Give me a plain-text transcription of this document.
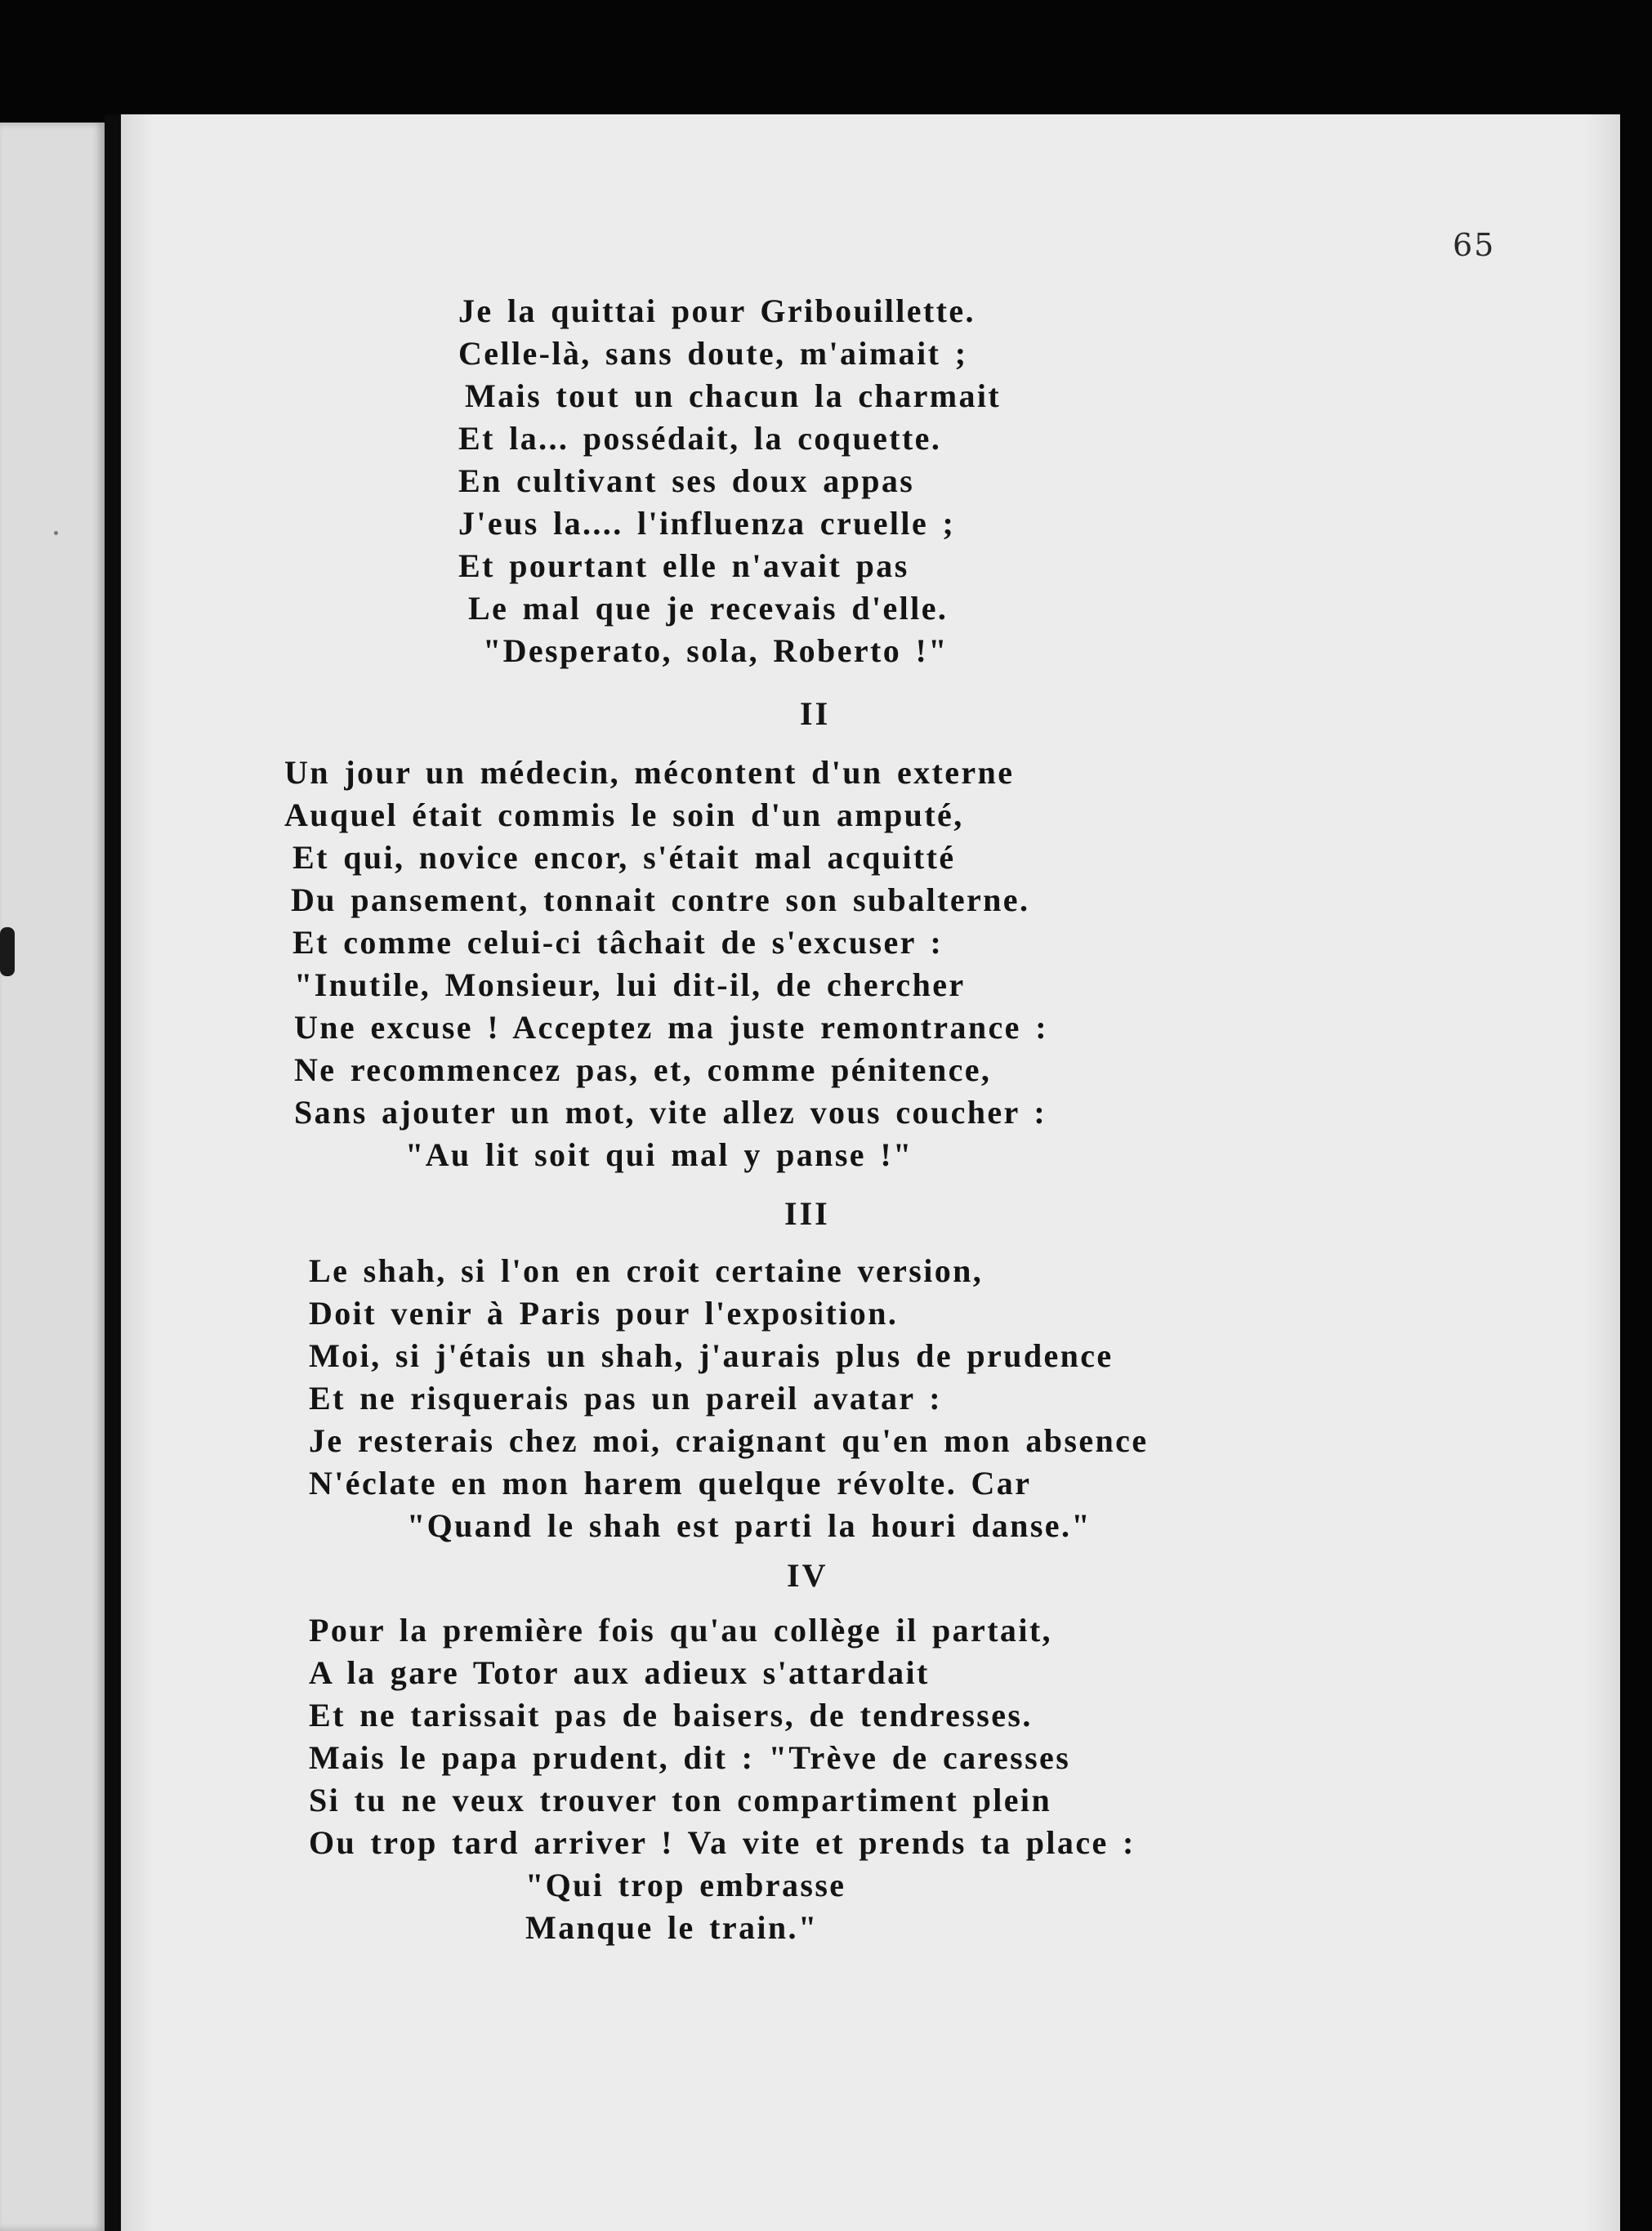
65
Je la quittai pour Gribouillette.
Celle-là, sans doute, m'aimait ;
Mais tout un chacun la charmait
Et la... possédait, la coquette.
En cultivant ses doux appas
J'eus la.... l'influenza cruelle ;
Et pourtant elle n'avait pas
Le mal que je recevais d'elle.
"Desperato, sola, Roberto !"
II
Un jour un médecin, mécontent d'un externe
Auquel était commis le soin d'un amputé,
Et qui, novice encor, s'était mal acquitté
Du pansement, tonnait contre son subalterne.
Et comme celui-ci tâchait de s'excuser :
"Inutile, Monsieur, lui dit-il, de chercher
Une excuse ! Acceptez ma juste remontrance :
Ne recommencez pas, et, comme pénitence,
Sans ajouter un mot, vite allez vous coucher :
"Au lit soit qui mal y panse !"
III
Le shah, si l'on en croit certaine version,
Doit venir à Paris pour l'exposition.
Moi, si j'étais un shah, j'aurais plus de prudence
Et ne risquerais pas un pareil avatar :
Je resterais chez moi, craignant qu'en mon absence
N'éclate en mon harem quelque révolte. Car
"Quand le shah est parti la houri danse."
IV
Pour la première fois qu'au collège il partait,
A la gare Totor aux adieux s'attardait
Et ne tarissait pas de baisers, de tendresses.
Mais le papa prudent, dit : "Trève de caresses
Si tu ne veux trouver ton compartiment plein
Ou trop tard arriver ! Va vite et prends ta place :
"Qui trop embrasse
Manque le train."
